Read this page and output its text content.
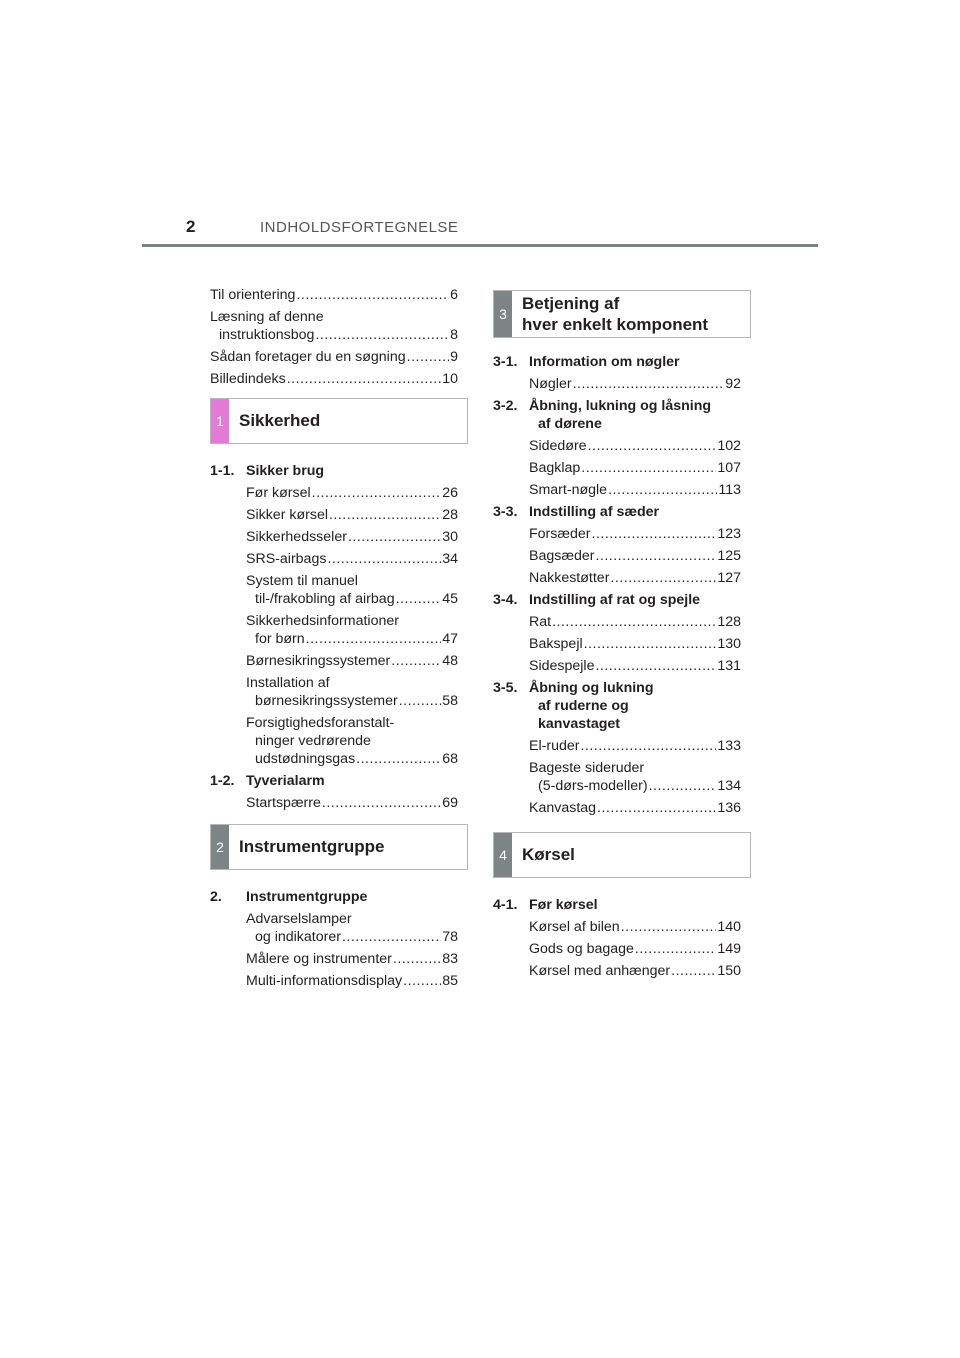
2	INDHOLDSFORTEGNELSE
Til orientering .....	6
Læsning af denne
instruktionsbog .....	8
Sådan foretager du en søgning .....	9
Billedindeks .....	10
1 Sikkerhed
1-1. Sikker brug
Før kørsel .....	26
Sikker kørsel .....	28
Sikkerhedsseler .....	30
SRS-airbags .....	34
System til manuel
til-/frakobling af airbag .....	45
Sikkerhedsinformationer
for børn .....	47
Børnesikringssystemer .....	48
Installation af
børnesikringssystemer .....	58
Forsigtighedsforanstalt-
ninger vedrørende
udstødningsgas .....	68
1-2. Tyverialarm
Startspærre .....	69
2 Instrumentgruppe
2.	Instrumentgruppe
Advarselslamper
og indikatorer .....	78
Målere og instrumenter .....	83
Multi-informationsdisplay .....	85
3
Betjening af
hver enkelt komponent
3-1. Information om nøgler
Nøgler .....	92
3-2. Åbning, lukning og låsning
af dørene
Sidedøre .....	102
Bagklap .....	107
Smart-nøgle .....	113
3-3. Indstilling af sæder
Forsæder .....	123
Bagsæder .....	125
Nakkestøtter .....	127
3-4. Indstilling af rat og spejle
Rat .....	128
Bakspejl .....	130
Sidespejle .....	131
3-5. Åbning og lukning
af ruderne og
kanvastaget
El-ruder .....	133
Bageste sideruder
(5-dørs-modeller) .....	134
Kanvastag .....	136
4 Kørsel
4-1. Før kørsel
Kørsel af bilen .....	140
Gods og bagage .....	149
Kørsel med anhænger .....	150
